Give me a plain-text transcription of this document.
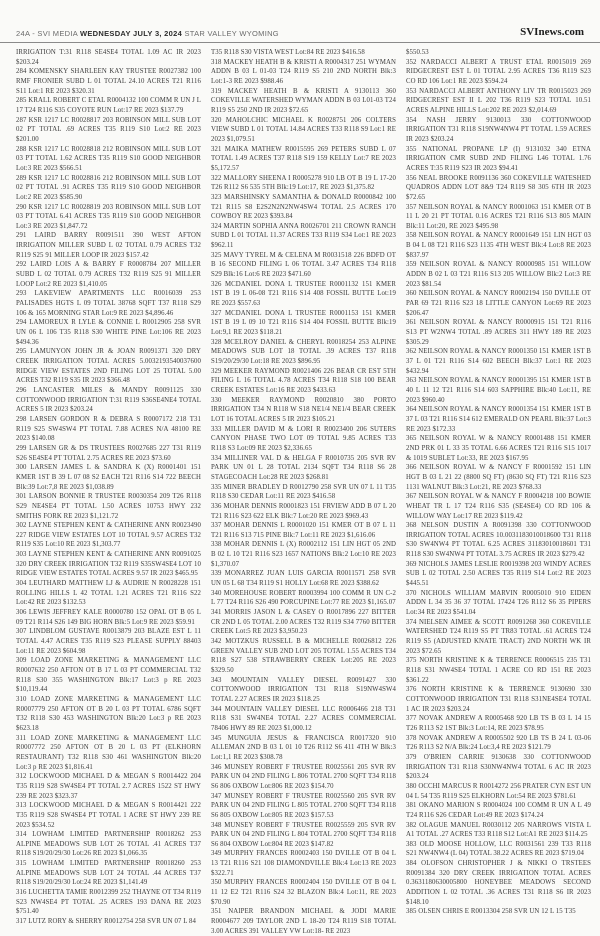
24A - SVI MEDIA WEDNESDAY JULY 3, 2024 STAR VALLEY WYOMING	SVInews.com

IRRIGATION T:31 R118 SE4SE4 TOTAL 1.09 AC IR 2023 $203.24

284 KOMENSKY SHARLEEN KAY TRUSTEE R0027382 100 RMF FRONIER SUBD L 01 TOTAL 24.10 ACRES T21 R116 S11 Lot:1 RE 2023 $320.31

285 KRALL ROBERT C ETAL R0004132 100 COMM R UN J L 17 T24 R116 S35 COYOTE RUN Lot:17 RE 2023 $137.79

287 KSR 1217 LC R0028817 203 ROBINSON MILL SUB LOT 02 PT TOTAL .69 ACRES T35 R119 S10 Lot:2 RE 2023 $201.00

288 KSR 1217 LC R0028818 212 ROBINSON MILL SUB LOT 03 PT TOTAL 1.62 ACRES T35 R119 S10 GOOD NEIGHBOR Lot:3 RE 2023 $566.51

289 KSR 1217 LC R0028816 212 ROBINSON MILL SUB LOT 02 PT TOTAL .91 ACRES T35 R119 S10 GOOD NEIGHBOR Lot:2 RE 2023 $585.90

290 KSR 1217 LC R0028819 203 ROBINSON MILL SUB LOT 03 PT TOTAL 6.41 ACRES T35 R119 S10 GOOD NEIGHBOR Lot:3 RE 2023 $1,847.72

291 LAIRD BARRY R0091511 390 WEST AFTON IRRIGATION MILLER SUBD L 02 TOTAL 0.79 ACRES T32 R119 S25 91 MILLER LOOP IR 2023 $157.42

292 LAIRD LOIS A & BARRY F R0008784 207 MILLER SUBD L 02 TOTAL 0.79 ACRES T32 R119 S25 91 MILLER LOOP Lot:2 RE 2023 $1,410.05

293 LAKEVIEW APARTMENTS LLC R0016039 253 PALISADES HGTS L 09 TOTAL 38768 SQFT T37 R118 S29 106 & 165 MORNING STAR Lot:9 RE 2023 $4,896.46

294 LAMOREUX R LYLE & CONNIE L R0012905 258 SVR UN 06 L 106 T35 R118 S30 WHITE PINE Lot:106 RE 2023 $494.36

295 LAMUNYON JOHN JR & JOAN R0091371 320 DRY CREEK IRRIGATION TOTAL ACRES 5.0032193540037600 RIDGE VIEW ESTATES 2ND FILING LOT 25 TOTAL 5.00 ACRES T32 R119 S35 IR 2023 $366.48

296 LANCASTER MILES & MANDY R0091125 330 COTTONWOOD IRRIGATION T:31 R119 S36SE4NE4 TOTAL ACRES 5 IR 2023 $203.24

298 LARSEN GORDON R & DEBRA S R0007172 218 T31 R119 S25 SW4SW4 PT TOTAL 7.88 ACRES N/A 48100 RE 2023 $140.08

299 LARSEN GR & DS TRUSTEES R0027685 227 T31 R119 S26 SE4SE4 PT TOTAL 2.75 ACRES RE 2023 $73.60

300 LARSEN JAMES L & SANDRA K (X) R0001401 151 KMER 1ST B 39 L 07 08 S2 EACH T21 R116 S14 722 BEECH Blk:39 Lot:7,8 RE 2023 $1,038.89

301 LARSON BONNIE R TRUSTEE R0030354 209 T26 R118 S29 NE4SE4 PT TOTAL 1.50 ACRES 10753 HWY 232 SMITHS FORK RE 2023 $1,121.72

302 LAYNE STEPHEN KENT & CATHERINE ANN R0023490 227 RIDGE VIEW ESTATES LOT 10 TOTAL 9.57 ACRES T32 R119 S35 Lot:10 RE 2023 $1,303.77

303 LAYNE STEPHEN KENT & CATHERINE ANN R0091025 320 DRY CREEK IRRIGATION T32 R119 S35SW4SE4 LOT 10 RIDGE VIEW ESTATES TOTAL ACRES 9.57 IR 2023 $465.95

304 LEUTHARD MATTHEW LJ & AUDRIE N R0028228 151 ROLLING HILLS L 42 TOTAL 1.21 ACRES T21 R116 S22 Lot:42 RE 2023 $132.53

306 LEWIS JEFFREY KALE R0000780 152 OPAL OT B 05 L 09 T21 R114 S26 149 BIG HORN Blk:5 Lot:9 RE 2023 $59.91

307 LINDBLOM GUSTAVE R0013879 203 BLAZE EST L 11 TOTAL 4.47 ACRES T35 R119 S23 PLEASE SUPPLY 88403 Lot:11 RE 2023 $604.98

309 LOAD ZONE MARKETING & MANAGEMENT LLC R0007632 250 AFTON OT B 17 L 03 PT COMMERCIAL T32 R118 S30 355 WASHINGTON Blk:17 Lot:3 p RE 2023 $10,119.44

310 LOAD ZONE MARKETING & MANAGEMENT LLC R0007779 250 AFTON OT B 20 L 03 PT TOTAL 6786 SQFT T32 R118 S30 453 WASHINGTON Blk:20 Lot:3 p RE 2023 $623.18

311 LOAD ZONE MARKETING & MANAGEMENT LLC R0007772 250 AFTON OT B 20 L 03 PT (ELKHORN RESTAURANT) T32 R118 S30 461 WASHINGTON Blk:20 Lot:3 p RE 2023 $1,816.41

312 LOCKWOOD MICHAEL D & MEGAN S R0014422 204 T35 R119 S28 SW4SE4 PT TOTAL 2.7 ACRES 1522 ST HWY 239 RE 2023 $323.37

313 LOCKWOOD MICHAEL D & MEGAN S R0014421 222 T35 R119 S28 SW4SE4 PT TOTAL 1 ACRE ST HWY 239 RE 2023 $534.52

314 LOWHAM LIMITED PARTNERSHIP R0018262 253 ALPINE MEADOWS SUB LOT 26 TOTAL .41 ACRES T37 R118 S19/20/29/30 Lot:26 RE 2023 $1,066.35

315 LOWHAM LIMITED PARTNERSHIP R0018260 253 ALPINE MEADOWS SUB LOT 24 TOTAL .44 ACRES T37 R118 S19/20/29/30 Lot:24 RE 2023 $1,141.49

316 LUCHETTA TAMIE R0012399 252 THAYNE OT T34 R119 S23 NW4SE4 PT TOTAL .25 ACRES 193 DANA RE 2023 $751.40

317 LUTZ RORY & SHERRY R0012754 258 SVR UN 07 L 84

T35 R118 S30 VISTA WEST Lot:84 RE 2023 $416.58

318 MACKEY HEATH B & KRISTI A R0004317 251 WYMAN ADDN B 03 L 01-03 T24 R119 S5 210 2ND NORTH Blk:3 Lot:1-3 RE 2023 $988.46

319 MACKEY HEATH B & KRISTI A 9130113 360 COKEVILLE WATERSHED WYMAN ADDN B 03 L01-03 T24 R119 S5 250 2ND IR 2023 $72.65

320 MAHOLCHIC MICHAEL K R0028751 206 COLTERS VIEW SUBD L 01 TOTAL 14.84 ACRES T33 R118 S9 Lot:1 RE 2023 $1,079.51

321 MAIKA MATHEW R0015595 269 PETERS SUBD L 07 TOTAL 1.49 ACRES T37 R118 S19 159 KELLY Lot:7 RE 2023 $5,172.57

322 MALLORY SHEENA I R0005278 910 LB OT B 19 L 17-20 T26 R112 S6 535 5TH Blk:19 Lot:17, RE 2023 $1,375.82

323 MARSHINSKY SAMANTHA & DONALD R0000842 100 T21 R115 S8 E2S2N2N2NW4SW4 TOTAL 2.5 ACRES 170 COWBOY RE 2023 $393.84

324 MARTIN SOPHIA ANNA R0026701 211 CROWN RANCH SUBD L 01 TOTAL 11.37 ACRES T33 R119 S34 Lot:1 RE 2023 $962.11

325 MAVY TYREL M & CELENA M R0031518 226 BDFD OT B 16 SECOND FILING L 06 TOTAL 3.47 ACRES T34 R118 S29 Blk:16 Lot:6 RE 2023 $471.60

326 MCDANIEL DONA L TRUSTEE R0001132 151 KMER 1ST B 19 L 06-08 T21 R116 S14 408 FOSSIL BUTTE Lot:19 RE 2023 $557.63

327 MCDANIEL DONA L TRUSTEE R0001153 151 KMER 1ST B 19 L 09 10 T21 R116 S14 404 FOSSIL BUTTE Blk:19 Lot:9,1 RE 2023 $118.21

328 MCELROY DANIEL & CHERYL R0018254 253 ALPINE MEADOWS SUB LOT 18 TOTAL .39 ACRES T37 R118 S19/20/29/30 Lot:18 RE 2023 $896.95

329 MEEKER RAYMOND R0021406 226 BEAR CR EST 5TH FILING L 16 TOTAL 4.78 ACRES T34 R118 S18 100 BEAR CREEK ESTATES Lot:16 RE 2023 $433.63

330 MEEKER RAYMOND R0020810 380 PORTO IRRIGATION T34 N R118 W S18 NE1/4 NE1/4 BEAR CREEK LOT 16 TOTAL ACRES 5 IR 2023 $105.21

333 MILLER DAVID M & LORI R R0023400 206 SUTERS CANYON PHASE TWO LOT 09 TOTAL 9.85 ACRES T33 R118 S3 Lot:09 RE 2023 $2,336.65

334 MILLINER VAL D & HELGA F R0010735 205 SVR RV PARK UN 01 L 28 TOTAL 2134 SQFT T34 R118 S6 28 STAGECOACH Lot:28 RE 2023 $268.81

335 MINER BRADLEY D R0012790 258 SVR UN 07 L 11 T35 R118 S30 CEDAR Lot:11 RE 2023 $416.58

336 MOHAR DENNIS R0001823 151 FRVIEW ADD B 07 L 20 T21 R116 S23 622 ELK Blk:7 Lot:20 RE 2023 $969.43

337 MOHAR DENNIS L R0001020 151 KMER OT B 07 L 11 T21 R116 S13 715 PINE Blk:7 Lot:11 RE 2023 $1,616.06

338 MOHAR DENNIS L (X) R0002112 151 LIN HGT 05 2ND B 02 L 10 T21 R116 S23 1657 NATIONS Blk:2 Lot:10 RE 2023 $1,370.07

339 MONARREZ JUAN LUIS GARCIA R0011571 258 SVR UN 05 L 68 T34 R119 S1 HOLLY Lot:68 RE 2023 $388.62

340 MOREHOUSE ROBERT R0003994 100 COMM R UN C-2 L 77 T24 R116 S26 490 PORCUPINE Lot:77 RE 2023 $1,165.07

341 MORRIS JASON L & CASEY O R0017896 227 BITTER CR 2ND L 05 TOTAL 2.00 ACRES T32 R119 S34 7760 BITTER CREEK Lot:5 RE 2023 $3,950.23

342 MOTZKUS RUSSELL B & MICHELLE R0026812 226 GREEN VALLEY SUB 2ND LOT 205 TOTAL 1.55 ACRES T34 R118 S27 538 STRAWBERRY CREEK Lot:205 RE 2023 $329.50

343 MOUNTAIN VALLEY DIESEL R0091427 330 COTTONWOOD IRRIGATION T31 R118 S19NW4SW4 TOTAL 2.27 ACRES IR 2023 $118.25

344 MOUNTAIN VALLEY DIESEL LLC R0006466 218 T31 R118 S31 SW4NE4 TOTAL 2.27 ACRES COMMERCIAL 78406 HWY 89 RE 2023 $1,000.12

345 MUNGUIA JESUS & FRANCISCA R0017320 910 ALLEMAN 2ND B 03 L 01 10 T26 R112 S6 411 4TH W Blk:3 Lot:1,1 RE 2023 $308.78

346 MUNSEY ROBERT F TRUSTEE R0025561 205 SVR RV PARK UN 04 2ND FILING L 806 TOTAL 2700 SQFT T34 R118 S6 806 OXBOW Lot:806 RE 2023 $154.70

347 MUNSEY ROBERT F TRUSTEE R0025560 205 SVR RV PARK UN 04 2ND FILING L 805 TOTAL 2700 SQFT T34 R118 S6 805 OXBOW Lot:805 RE 2023 $157.53

348 MUNSEY ROBERT F TRUSTEE R0025559 205 SVR RV PARK UN 04 2ND FILING L 804 TOTAL 2700 SQFT T34 R118 S6 804 OXBOW Lot:804 RE 2023 $147.82

349 MURPHY FRANCES R0002403 150 DVILLE OT B 04 L 13 T21 R116 S21 108 DIAMONDVILLE Blk:4 Lot:13 RE 2023 $322.71

350 MURPHY FRANCES R0002404 150 DVILLE OT B 04 L 11 12 E2 T21 R116 S24 32 BLAZON Blk:4 Lot:11, RE 2023 $70.90

351 NAIPER BRANDON MICHAEL & JODI MARIE R0004677 209 TAYLOR 2ND L 18-20 T24 R119 S18 TOTAL 3.00 ACRES 391 VALLEY VW Lot:18- RE 2023

$550.53

352 NARDACCI ALBERT A TRUST ETAL R0015019 269 RIDGECREST EST L 01 TOTAL 2.95 ACRES T36 R119 S23 CO RD 106 Lot:1 RE 2023 $594.24

353 NARDACCI ALBERT ANTHONY LIV TR R0015023 269 RIDGECREST EST II L 202 T36 R119 S23 TOTAL 10.51 ACRES ALPINE HILLS Lot:202 RE 2023 $2,014.69

354 NASH JERRY 9130013 330 COTTONWOOD IRRIGATION T31 R118 S19NW4NW4 PT TOTAL 1.59 ACRES IR 2023 $203.24

355 NATIONAL PROPANE LP (I) 9131032 340 ETNA IRRIGATION CMR SUBD 2ND FILING L46 TOTAL 1.76 ACRES T:35 R119 S23 IR 2023 $94.41

356 NEAL BROOKE R0091136 360 COKEVILLE WATESHED QUADROS ADDN LOT 8&9 T24 R119 S8 305 6TH IR 2023 $72.65

357 NEILSON ROYAL & NANCY R0001063 151 KMER OT B 11 L 20 21 PT TOTAL 0.16 ACRES T21 R116 S13 805 MAIN Blk:11 Lot:20, RE 2023 $495.98

358 NEILSON ROYAL & NANCY R0001649 151 LIN HGT 03 B 04 L 08 T21 R116 S23 1135 4TH WEST Blk:4 Lot:8 RE 2023 $837.97

359 NEILSON ROYAL & NANCY R0000985 151 WILLOW ADDN B 02 L 03 T21 R116 S13 205 WILLOW Blk:2 Lot:3 RE 2023 $81.54

360 NEILSON ROYAL & NANCY R0002194 150 DVILLE OT PAR 69 T21 R116 S23 18 LITTLE CANYON Lot:69 RE 2023 $206.47

361 NEILSON ROYAL & NANCY R0000915 151 T21 R116 S13 PT W2NW4 TOTAL .89 ACRES 311 HWY 189 RE 2023 $305.29

362 NEILSON ROYAL & NANCY R0001350 151 KMER 1ST B 37 L 01 T21 R116 S14 602 BEECH Blk:37 Lot:1 RE 2023 $432.94

363 NEILSON ROYAL & NANCY R0001395 151 KMER 1ST B 40 L 11 12 T21 R116 S14 603 SAPPHIRE Blk:40 Lot:11, RE 2023 $960.40

364 NEILSON ROYAL & NANCY R0001354 151 KMER 1ST B 37 L 03 T21 R116 S14 612 EMERALD ON PEARL Blk:37 Lot:3 RE 2023 $172.33

365 NEILSON ROYAL W & NANCY R0001488 151 KMER 2ND PRK 01 L 33 35 TOTAL 6.66 ACRES T21 R116 S15 1017 & 1019 SUBLET Lot:33, RE 2023 $167.95

366 NEILSON ROYAL W & NANCY F R0001592 151 LIN HGT B 03 L 21 22 (8800 SQ FT) (8630 SQ FT) T21 R116 S23 1131 WALNUT Blk:3 Lot:21, RE 2023 $768.33

367 NEILSON ROYAL W & NANCY F R0004218 100 BOWIE WHEAT TR L 17 T24 R116 S35 (SE4SE4) CO RD 106 & WILLOW WAY Lot:17 RE 2023 $119.42

368 NELSON DUSTIN A R0091398 330 COTTONWOOD IRRIGATION TOTAL ACRES 10.0031183010018600 T31 R118 S30 SW4NW4 PT TOTAL 6.25 ACRES 31183010018601 T31 R118 S30 SW4NW4 PT TOTAL 3.75 ACRES IR 2023 $279.42

369 NICHOLS JAMES LESLIE R0019398 203 WINDY ACRES SUB L 02 TOTAL 2.50 ACRES T35 R119 S14 Lot:2 RE 2023 $445.51

370 NICHOLS WILLIAM MARVIN R0005010 910 EIDEN ADDN L 34 35 36 37 TOTAL 17424 T26 R112 S6 35 PIPERS Lot:34 RE 2023 $541.04

374 NIELSEN AIMEE & SCOTT R0091268 360 COKEVILLE WATERSHED T24 R119 S5 PT TR83 TOTAL .61 ACRES T24 R119 S5 (ADJUSTED KNATE TRACT) 2ND NORTH WK IR 2023 $72.65

375 NORTH KRISTINE K & TERRENCE R0006515 235 T31 R118 S31 NW4SE4 TOTAL 1 ACRE CO RD 151 RE 2023 $361.22

376 NORTH KRISTINE K & TERRENCE 9130690 330 COTTONWOOD IRRIGATION T31 R118 S31NE4SE4 TOTAL 1 AC IR 2023 $203.24

377 NOVAK ANDREW A R0005468 920 LB TS B 03 L 14 15 T26 R113 S2 1ST Blk:3 Lot:14, RE 2023 $78.95

378 NOVAK ANDREW A R0005502 920 LB TS B 24 L 03-06 T26 R113 S2 N/A Blk:24 Lot:3,4 RE 2023 $121.79

379 O'BRIEN CARRIE 9130638 330 COTTONWOOD IRRIGATION T31 R118 S30NW4NW4 TOTAL 6 AC IR 2023 $203.24

380 OCCHI MARCUS R R0014272 256 PRATER CYN EST UN 04 L 54 T35 R119 S25 ELKHORN Lot:54 RE 2023 $781.61

381 OKANO MARION S R0004024 100 COMM R UN A L 49 T24 R116 S26 CEDAR Lot:49 RE 2023 $174.24

382 OLAGUE MANUEL R0030112 205 NARROWS VISTA L A1 TOTAL .27 ACRES T33 R118 S12 Lot:A1 RE 2023 $114.25

383 OLD MOOSE HOLLOW, LLC R0031561 239 T33 R118 S21 NW4NW4 (L 04) TOTAL 38.22 ACRES RE 2023 $719.04

384 OLOFSON CHRISTOPHER J & NIKKI O TRSTEES R0091384 320 DRY CREEK IRRIGATION TOTAL ACRES 0.3631180630005800 HONEYBEE MEADOWS SECOND ADDITION L 02 TOTAL .36 ACRES T31 R118 S6 IR 2023 $148.10

385 OLSEN CHRIS E R0013304 258 SVR UN 12 L 15 T35
